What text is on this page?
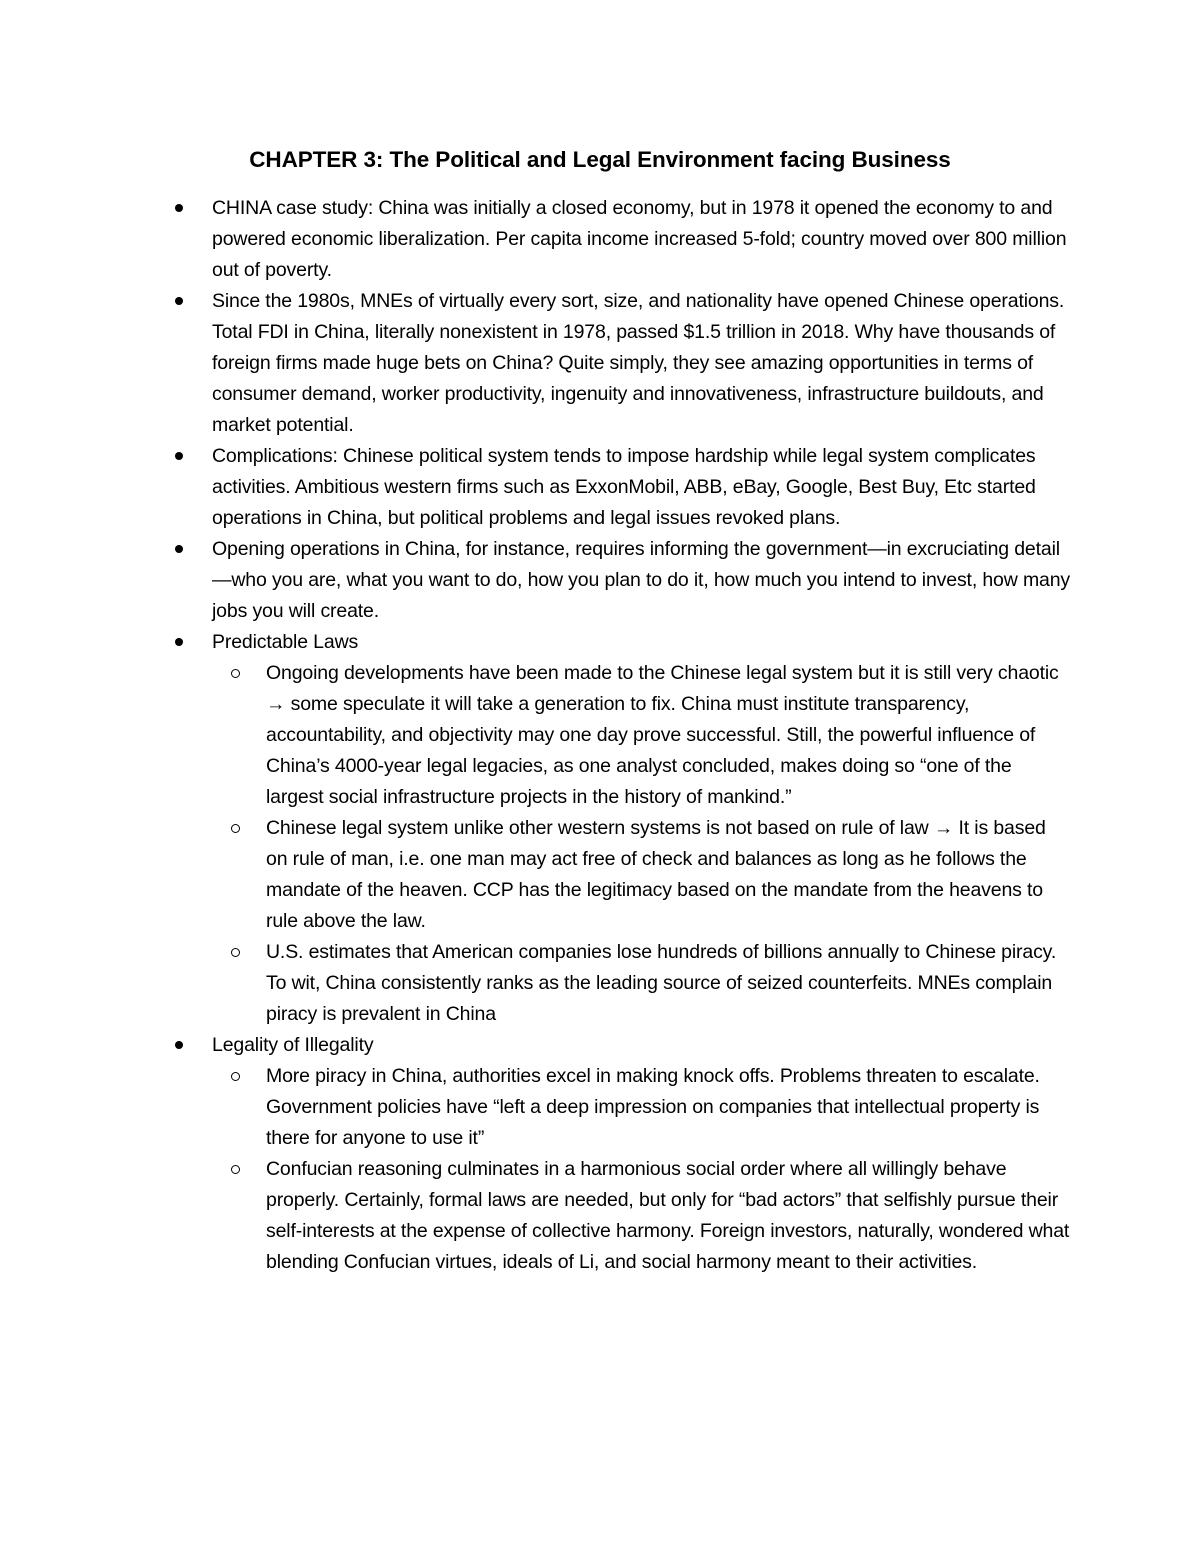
CHAPTER 3: The Political and Legal Environment facing Business
CHINA case study: China was initially a closed economy, but in 1978 it opened the economy to and powered economic liberalization. Per capita income increased 5-fold; country moved over 800 million out of poverty.
Since the 1980s, MNEs of virtually every sort, size, and nationality have opened Chinese operations. Total FDI in China, literally nonexistent in 1978, passed $1.5 trillion in 2018. Why have thousands of foreign firms made huge bets on China? Quite simply, they see amazing opportunities in terms of consumer demand, worker productivity, ingenuity and innovativeness, infrastructure buildouts, and market potential.
Complications: Chinese political system tends to impose hardship while legal system complicates activities. Ambitious western firms such as ExxonMobil, ABB, eBay, Google, Best Buy, Etc started operations in China, but political problems and legal issues revoked plans.
Opening operations in China, for instance, requires informing the government—in excruciating detail—who you are, what you want to do, how you plan to do it, how much you intend to invest, how many jobs you will create.
Predictable Laws
Ongoing developments have been made to the Chinese legal system but it is still very chaotic → some speculate it will take a generation to fix. China must institute transparency, accountability, and objectivity may one day prove successful. Still, the powerful influence of China’s 4000-year legal legacies, as one analyst concluded, makes doing so “one of the largest social infrastructure projects in the history of mankind.”
Chinese legal system unlike other western systems is not based on rule of law → It is based on rule of man, i.e. one man may act free of check and balances as long as he follows the mandate of the heaven. CCP has the legitimacy based on the mandate from the heavens to rule above the law.
U.S. estimates that American companies lose hundreds of billions annually to Chinese piracy. To wit, China consistently ranks as the leading source of seized counterfeits. MNEs complain piracy is prevalent in China
Legality of Illegality
More piracy in China, authorities excel in making knock offs. Problems threaten to escalate. Government policies have “left a deep impression on companies that intellectual property is there for anyone to use it”
Confucian reasoning culminates in a harmonious social order where all willingly behave properly. Certainly, formal laws are needed, but only for “bad actors” that selfishly pursue their self-interests at the expense of collective harmony. Foreign investors, naturally, wondered what blending Confucian virtues, ideals of Li, and social harmony meant to their activities.
